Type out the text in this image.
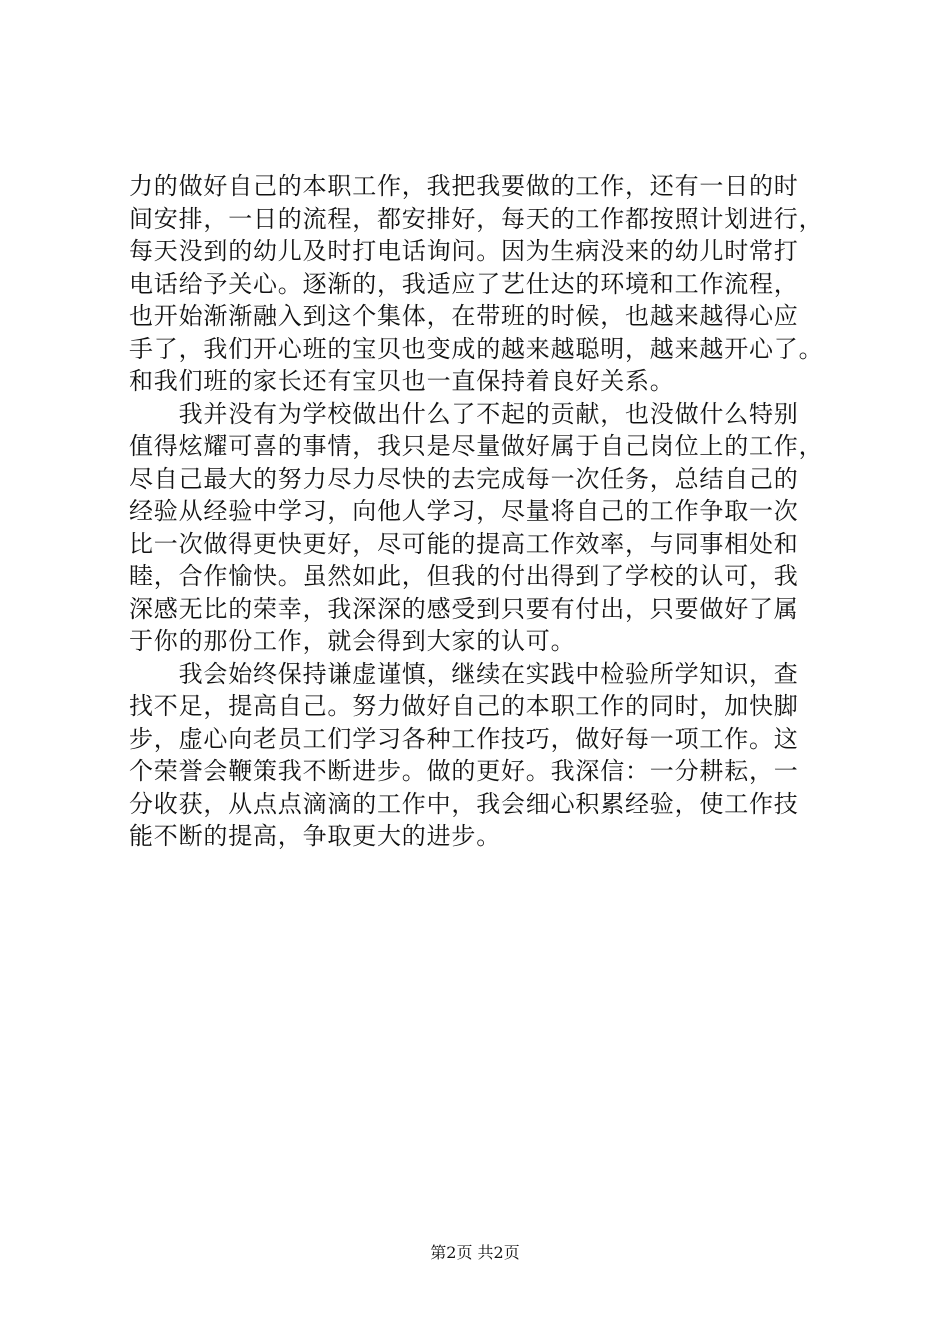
力的做好自己的本职工作，我把我要做的工作，还有一日的时
间安排，一日的流程，都安排好，每天的工作都按照计划进行，
每天没到的幼儿及时打电话询问。因为生病没来的幼儿时常打
电话给予关心。逐渐的，我适应了艺仕达的环境和工作流程，
也开始渐渐融入到这个集体，在带班的时候，也越来越得心应
手了，我们开心班的宝贝也变成的越来越聪明，越来越开心了。
和我们班的家长还有宝贝也一直保持着良好关系。
　　我并没有为学校做出什么了不起的贡献，也没做什么特别
值得炫耀可喜的事情，我只是尽量做好属于自己岗位上的工作，
尽自己最大的努力尽力尽快的去完成每一次任务，总结自己的
经验从经验中学习，向他人学习，尽量将自己的工作争取一次
比一次做得更快更好，尽可能的提高工作效率，与同事相处和
睦，合作愉快。虽然如此，但我的付出得到了学校的认可，我
深感无比的荣幸，我深深的感受到只要有付出，只要做好了属
于你的那份工作，就会得到大家的认可。
　　我会始终保持谦虚谨慎，继续在实践中检验所学知识，查
找不足，提高自己。努力做好自己的本职工作的同时，加快脚
步，虚心向老员工们学习各种工作技巧，做好每一项工作。这
个荣誉会鞭策我不断进步。做的更好。我深信：一分耕耘，一
分收获，从点点滴滴的工作中，我会细心积累经验，使工作技
能不断的提高，争取更大的进步。
第2页 共2页
